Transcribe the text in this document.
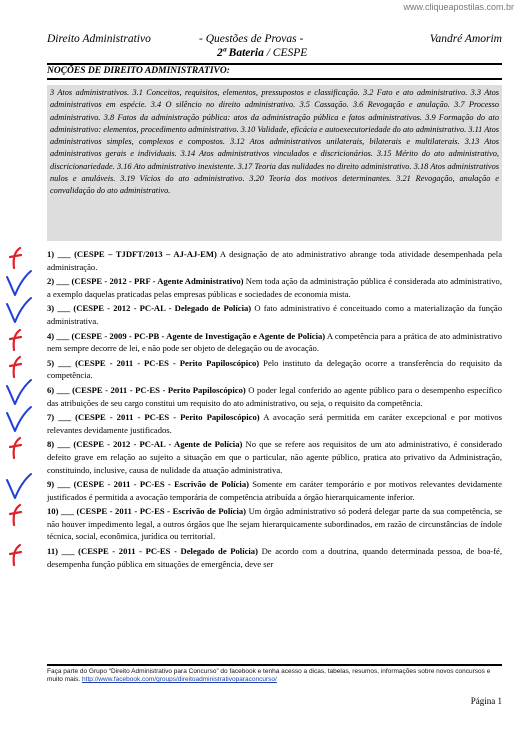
www.cliqueapostilas.com.br
Direito Administrativo	- Questões de Provas -	Vandré Amorim
2ª Bateria / CESPE
NOÇÕES DE DIREITO ADMINISTRATIVO:
3 Atos administrativos. 3.1 Conceitos, requisitos, elementos, pressupostos e classificação. 3.2 Fato e ato administrativo. 3.3 Atos administrativos em espécie. 3.4 O silêncio no direito administrativo. 3.5 Cassação. 3.6 Revogação e anulação. 3.7 Processo administrativo. 3.8 Fatos da administração pública: atos da administração pública e fatos administrativos. 3.9 Formação do ato administrativo: elementos, procedimento administrativo. 3.10 Validade, eficácia e autoexecutoriedade do ato administrativo. 3.11 Atos administrativos simples, complexos e compostos. 3.12 Atos administrativos unilaterais, bilaterais e multilaterais. 3.13 Atos administrativos gerais e individuais. 3.14 Atos administrativos vinculados e discricionários. 3.15 Mérito do ato administrativo, discricionariedade. 3.16 Ato administrativo inexistente. 3.17 Teoria das nulidades no direito administrativo. 3.18 Atos administrativos nulos e anuláveis. 3.19 Vícios do ato administrativo. 3.20 Teoria dos motivos determinantes. 3.21 Revogação, anulação e convalidação do ato administrativo.
1) ___ (CESPE – TJDFT/2013 – AJ-AJ-EM) A designação de ato administrativo abrange toda atividade desempenhada pela administração.
2) ___ (CESPE - 2012 - PRF - Agente Administrativo) Nem toda ação da administração pública é considerada ato administrativo, a exemplo daquelas praticadas pelas empresas públicas e sociedades de economia mista.
3) ___ (CESPE - 2012 - PC-AL - Delegado de Polícia) O fato administrativo é conceituado como a materialização da função administrativa.
4) ___ (CESPE - 2009 - PC-PB - Agente de Investigação e Agente de Polícia) A competência para a prática de ato administrativo nem sempre decorre de lei, e não pode ser objeto de delegação ou de avocação.
5) ___ (CESPE - 2011 - PC-ES - Perito Papiloscópico) Pelo instituto da delegação ocorre a transferência do requisito da competência.
6) ___ (CESPE - 2011 - PC-ES - Perito Papiloscópico) O poder legal conferido ao agente público para o desempenho específico das atribuições de seu cargo constitui um requisito do ato administrativo, ou seja, o requisito da competência.
7) ___ (CESPE - 2011 - PC-ES - Perito Papiloscópico) A avocação será permitida em caráter excepcional e por motivos relevantes devidamente justificados.
8) ___ (CESPE - 2012 - PC-AL - Agente de Polícia) No que se refere aos requisitos de um ato administrativo, é considerado defeito grave em relação ao sujeito a situação em que o particular, não agente público, pratica ato privativo da Administração, constituindo, inclusive, causa de nulidade da atuação administrativa.
9) ___ (CESPE - 2011 - PC-ES - Escrivão de Polícia) Somente em caráter temporário e por motivos relevantes devidamente justificados é permitida a avocação temporária de competência atribuída a órgão hierarquicamente inferior.
10) ___ (CESPE - 2011 - PC-ES - Escrivão de Polícia) Um órgão administrativo só poderá delegar parte da sua competência, se não houver impedimento legal, a outros órgãos que lhe sejam hierarquicamente subordinados, em razão de circunstâncias de índole técnica, social, econômica, jurídica ou territorial.
11) ___ (CESPE - 2011 - PC-ES - Delegado de Polícia) De acordo com a doutrina, quando determinada pessoa, de boa-fé, desempenha função pública em situações de emergência, deve ser
Faça parte do Grupo “Direito Administrativo para Concurso” do facebook e tenha acesso a dicas, tabelas, resumos, informações sobre novos concursos e muito mais. http://www.facebook.com/groups/direitoadministrativoparaconcurso/
Página 1
